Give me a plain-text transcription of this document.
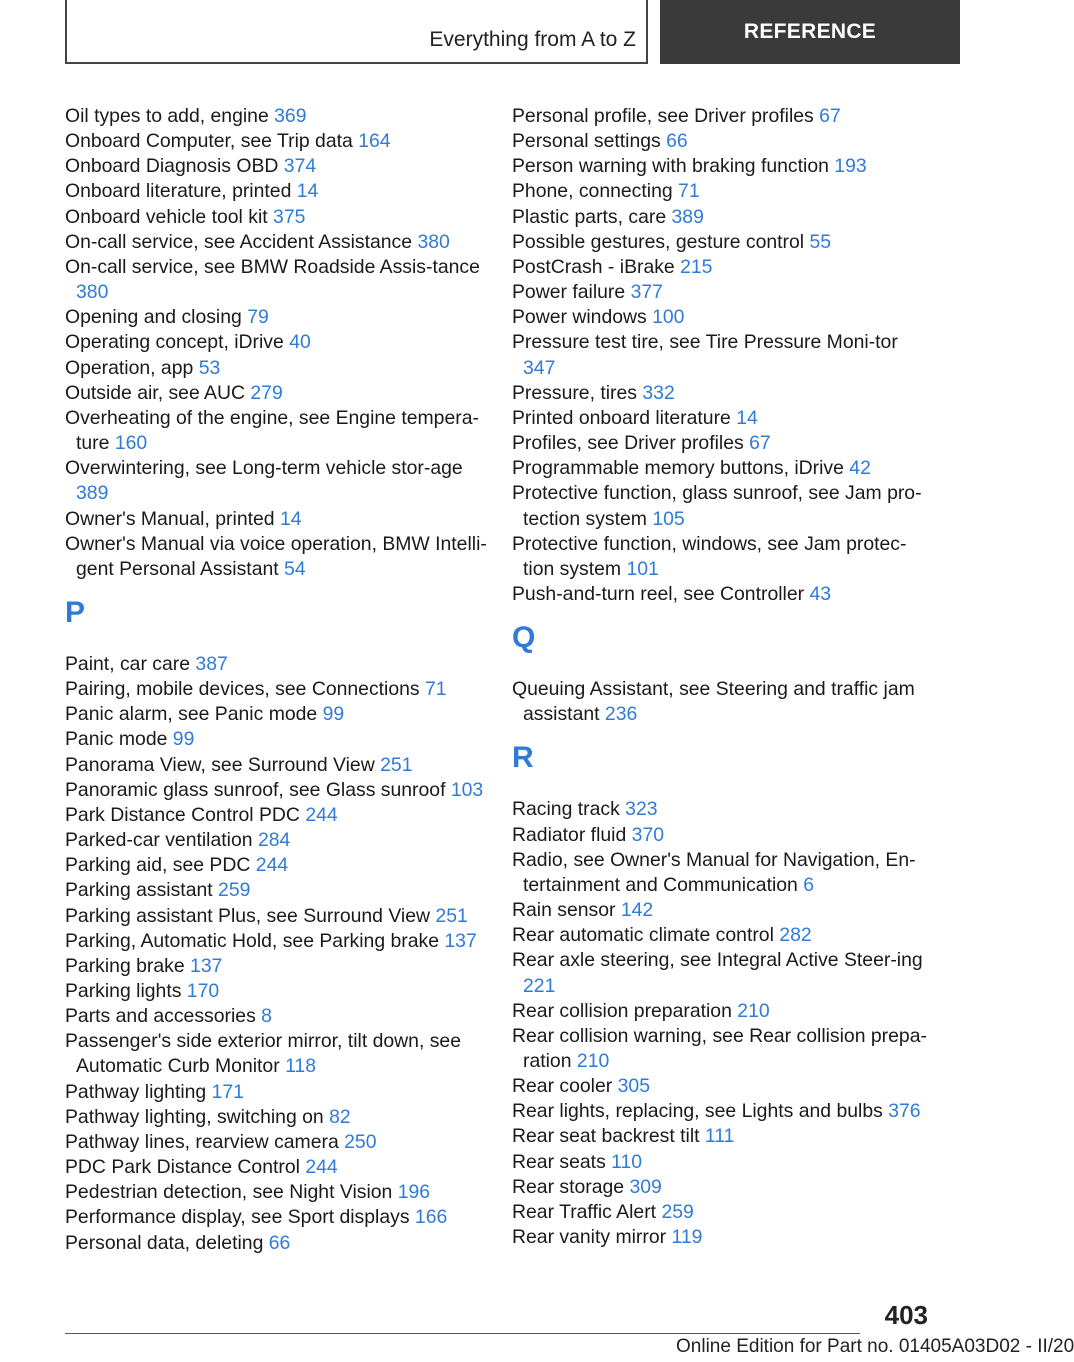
Everything from A to Z	REFERENCE
Oil types to add, engine 369
Onboard Computer, see Trip data 164
Onboard Diagnosis OBD 374
Onboard literature, printed 14
Onboard vehicle tool kit 375
On-call service, see Accident Assistance 380
On-call service, see BMW Roadside Assis-tance 380
Opening and closing 79
Operating concept, iDrive 40
Operation, app 53
Outside air, see AUC 279
Overheating of the engine, see Engine tempera-ture 160
Overwintering, see Long-term vehicle stor-age 389
Owner's Manual, printed 14
Owner's Manual via voice operation, BMW Intelli-gent Personal Assistant 54
P
Paint, car care 387
Pairing, mobile devices, see Connections 71
Panic alarm, see Panic mode 99
Panic mode 99
Panorama View, see Surround View 251
Panoramic glass sunroof, see Glass sunroof 103
Park Distance Control PDC 244
Parked-car ventilation 284
Parking aid, see PDC 244
Parking assistant 259
Parking assistant Plus, see Surround View 251
Parking, Automatic Hold, see Parking brake 137
Parking brake 137
Parking lights 170
Parts and accessories 8
Passenger's side exterior mirror, tilt down, see Automatic Curb Monitor 118
Pathway lighting 171
Pathway lighting, switching on 82
Pathway lines, rearview camera 250
PDC Park Distance Control 244
Pedestrian detection, see Night Vision 196
Performance display, see Sport displays 166
Personal data, deleting 66
Personal profile, see Driver profiles 67
Personal settings 66
Person warning with braking function 193
Phone, connecting 71
Plastic parts, care 389
Possible gestures, gesture control 55
PostCrash - iBrake 215
Power failure 377
Power windows 100
Pressure test tire, see Tire Pressure Moni-tor 347
Pressure, tires 332
Printed onboard literature 14
Profiles, see Driver profiles 67
Programmable memory buttons, iDrive 42
Protective function, glass sunroof, see Jam pro-tection system 105
Protective function, windows, see Jam protec-tion system 101
Push-and-turn reel, see Controller 43
Q
Queuing Assistant, see Steering and traffic jam assistant 236
R
Racing track 323
Radiator fluid 370
Radio, see Owner's Manual for Navigation, En-tertainment and Communication 6
Rain sensor 142
Rear automatic climate control 282
Rear axle steering, see Integral Active Steer-ing 221
Rear collision preparation 210
Rear collision warning, see Rear collision prepa-ration 210
Rear cooler 305
Rear lights, replacing, see Lights and bulbs 376
Rear seat backrest tilt 111
Rear seats 110
Rear storage 309
Rear Traffic Alert 259
Rear vanity mirror 119
403
Online Edition for Part no. 01405A03D02 - II/20
